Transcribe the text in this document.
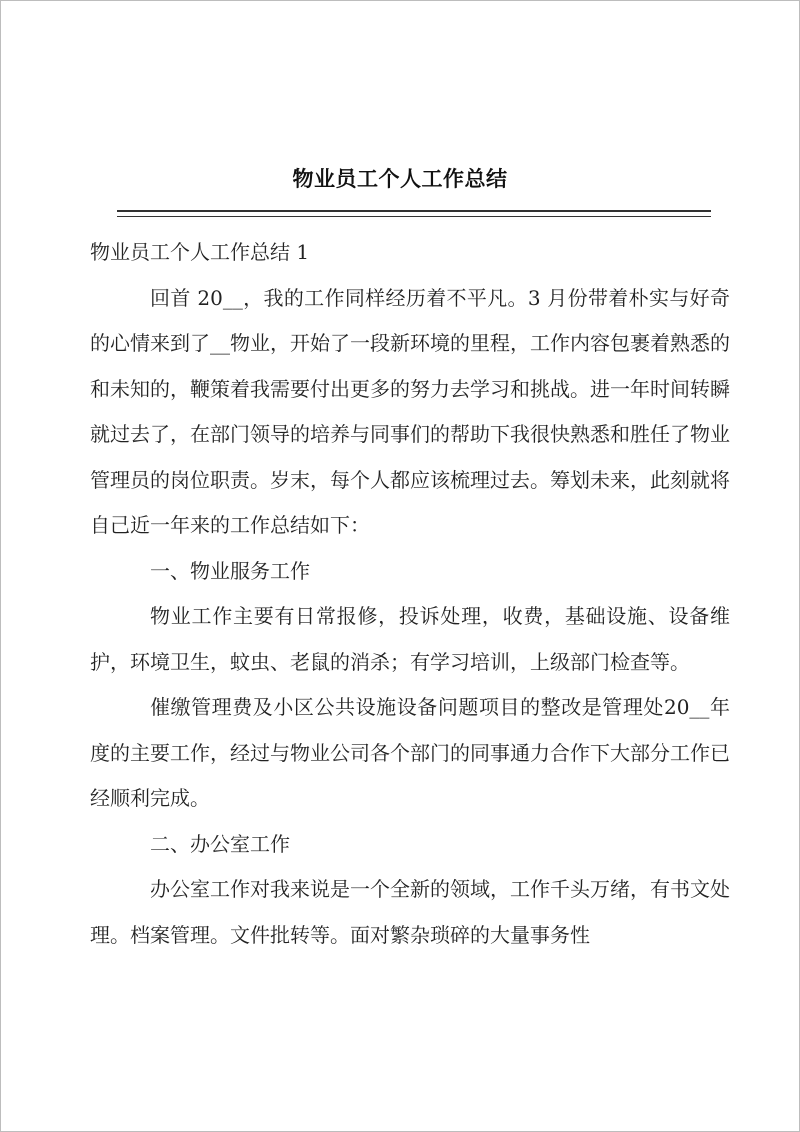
物业员工个人工作总结

物业员工个人工作总结 1

回首 20__，我的工作同样经历着不平凡。3 月份带着朴实与好奇的心情来到了__物业，开始了一段新环境的里程，工作内容包裹着熟悉的和未知的，鞭策着我需要付出更多的努力去学习和挑战。进一年时间转瞬就过去了，在部门领导的培养与同事们的帮助下我很快熟悉和胜任了物业管理员的岗位职责。岁末，每个人都应该梳理过去。筹划未来，此刻就将自己近一年来的工作总结如下：

一、物业服务工作

物业工作主要有日常报修，投诉处理，收费，基础设施、设备维护，环境卫生，蚊虫、老鼠的消杀；有学习培训，上级部门检查等。

催缴管理费及小区公共设施设备问题项目的整改是管理处20__年度的主要工作，经过与物业公司各个部门的同事通力合作下大部分工作已经顺利完成。

二、办公室工作

办公室工作对我来说是一个全新的领域，工作千头万绪，有书文处理。档案管理。文件批转等。面对繁杂琐碎的大量事务性
